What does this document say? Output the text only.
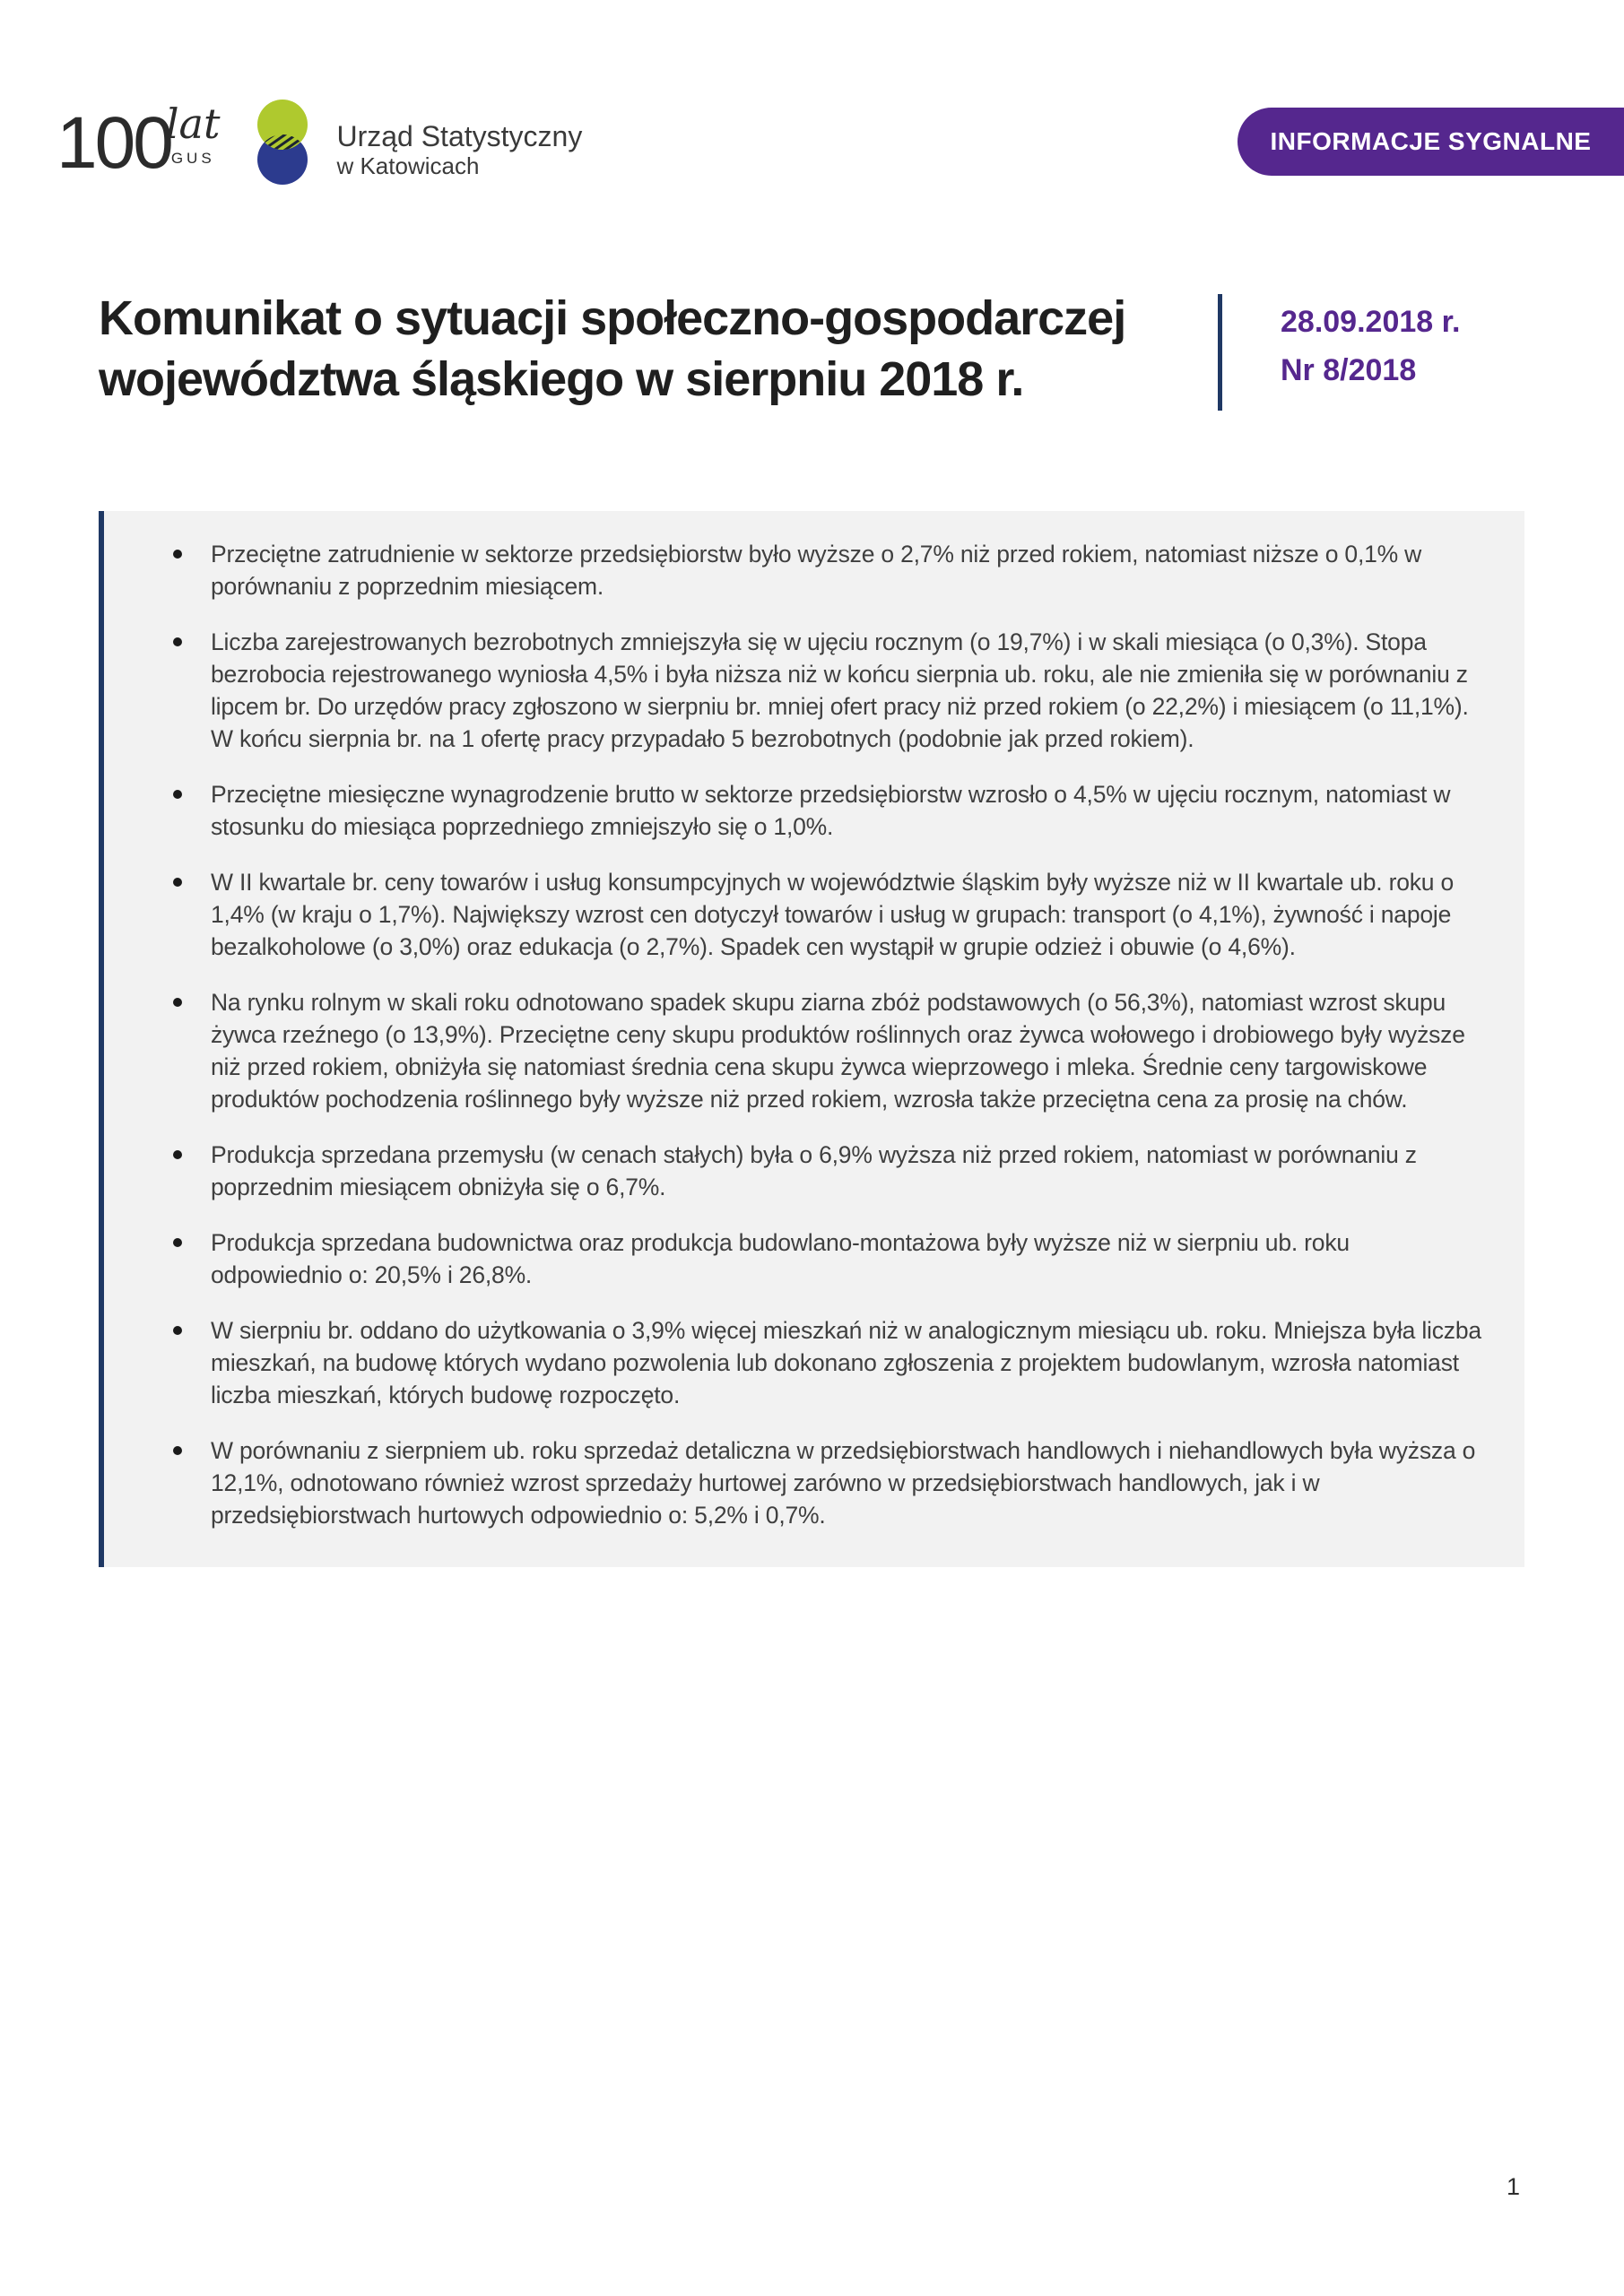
100
lat
GUS
Urząd Statystyczny
w Katowicach
INFORMACJE SYGNALNE
Komunikat o sytuacji społeczno-gospodarczej
województwa śląskiego w sierpniu 2018 r.
28.09.2018 r.
Nr 8/2018
Przeciętne zatrudnienie w sektorze przedsiębiorstw było wyższe o 2,7% niż przed rokiem, natomiast niższe o 0,1% w porównaniu z poprzednim miesiącem.
Liczba zarejestrowanych bezrobotnych zmniejszyła się w ujęciu rocznym (o 19,7%) i w skali miesiąca (o 0,3%). Stopa bezrobocia rejestrowanego wyniosła 4,5% i była niższa niż w końcu sierpnia ub. roku, ale nie zmieniła się w porównaniu z lipcem br. Do urzędów pracy zgłoszono w sierpniu br. mniej ofert pracy niż przed rokiem (o 22,2%) i miesiącem (o 11,1%). W końcu sierpnia br. na 1 ofertę pracy przypadało 5 bezrobotnych (podobnie jak przed rokiem).
Przeciętne miesięczne wynagrodzenie brutto w sektorze przedsiębiorstw wzrosło o 4,5% w ujęciu rocznym, natomiast w stosunku do miesiąca poprzedniego zmniejszyło się o 1,0%.
W II kwartale br. ceny towarów i usług konsumpcyjnych w województwie śląskim były wyższe niż w II kwartale ub. roku o 1,4% (w kraju o 1,7%). Największy wzrost cen dotyczył towarów i usług w grupach: transport (o 4,1%), żywność i napoje bezalkoholowe (o 3,0%) oraz edukacja (o 2,7%). Spadek cen wystąpił w grupie odzież i obuwie (o 4,6%).
Na rynku rolnym w skali roku odnotowano spadek skupu ziarna zbóż podstawowych (o 56,3%), natomiast wzrost skupu żywca rzeźnego (o 13,9%). Przeciętne ceny skupu produktów roślinnych oraz żywca wołowego i drobiowego były wyższe niż przed rokiem, obniżyła się natomiast średnia cena skupu żywca wieprzowego i mleka. Średnie ceny targowiskowe produktów pochodzenia roślinnego były wyższe niż przed rokiem, wzrosła także przeciętna cena za prosię na chów.
Produkcja sprzedana przemysłu (w cenach stałych) była o 6,9% wyższa niż przed rokiem, natomiast w porównaniu z poprzednim miesiącem obniżyła się o 6,7%.
Produkcja sprzedana budownictwa oraz produkcja budowlano-montażowa były wyższe niż w sierpniu ub. roku odpowiednio o: 20,5% i 26,8%.
W sierpniu br. oddano do użytkowania o 3,9% więcej mieszkań niż w analogicznym miesiącu ub. roku. Mniejsza była liczba mieszkań, na budowę których wydano pozwolenia lub dokonano zgłoszenia z projektem budowlanym, wzrosła natomiast liczba mieszkań, których budowę rozpoczęto.
W porównaniu z sierpniem ub. roku sprzedaż detaliczna w przedsiębiorstwach handlowych i niehandlowych była wyższa o 12,1%, odnotowano również wzrost sprzedaży hurtowej zarówno w przedsiębiorstwach handlowych, jak i w przedsiębiorstwach hurtowych odpowiednio o: 5,2% i 0,7%.
1
